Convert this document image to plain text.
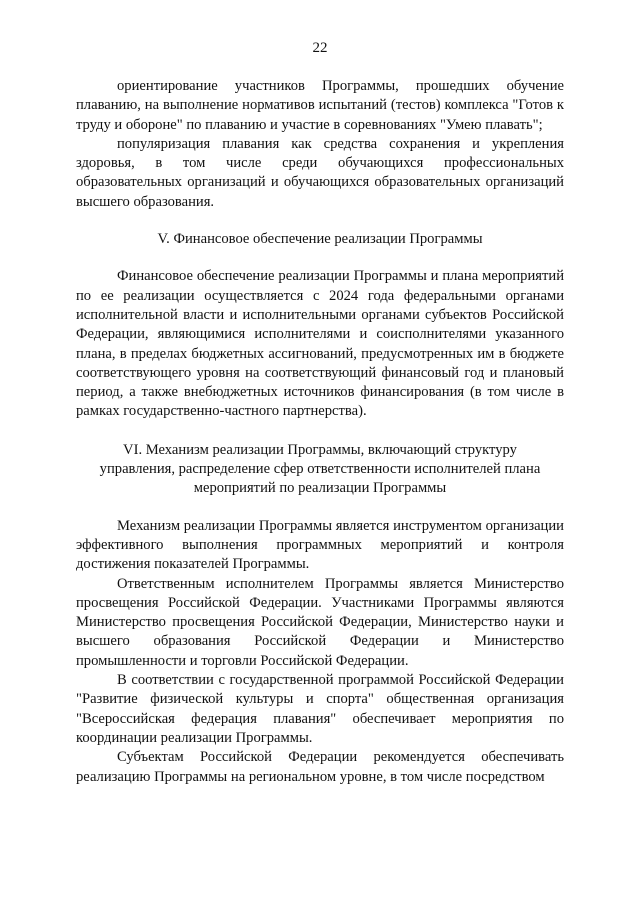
22

ориентирование участников Программы, прошедших обучение плаванию, на выполнение нормативов испытаний (тестов) комплекса "Готов к труду и обороне" по плаванию и участие в соревнованиях "Умею плавать";

популяризация плавания как средства сохранения и укрепления здоровья, в том числе среди обучающихся профессиональных образовательных организаций и обучающихся образовательных организаций высшего образования.

V. Финансовое обеспечение реализации Программы

Финансовое обеспечение реализации Программы и плана мероприятий по ее реализации осуществляется с 2024 года федеральными органами исполнительной власти и исполнительными органами субъектов Российской Федерации, являющимися исполнителями и соисполнителями указанного плана, в пределах бюджетных ассигнований, предусмотренных им в бюджете соответствующего уровня на соответствующий финансовый год и плановый период, а также внебюджетных источников финансирования (в том числе в рамках государственно-частного партнерства).

VI. Механизм реализации Программы, включающий структуру
управления, распределение сфер ответственности исполнителей плана
мероприятий по реализации Программы

Механизм реализации Программы является инструментом организации эффективного выполнения программных мероприятий и контроля достижения показателей Программы.

Ответственным исполнителем Программы является Министерство просвещения Российской Федерации. Участниками Программы являются Министерство просвещения Российской Федерации, Министерство науки и высшего образования Российской Федерации и Министерство промышленности и торговли Российской Федерации.

В соответствии с государственной программой Российской Федерации "Развитие физической культуры и спорта" общественная организация "Всероссийская федерация плавания" обеспечивает мероприятия по координации реализации Программы.

Субъектам Российской Федерации рекомендуется обеспечивать реализацию Программы на региональном уровне, в том числе посредством
